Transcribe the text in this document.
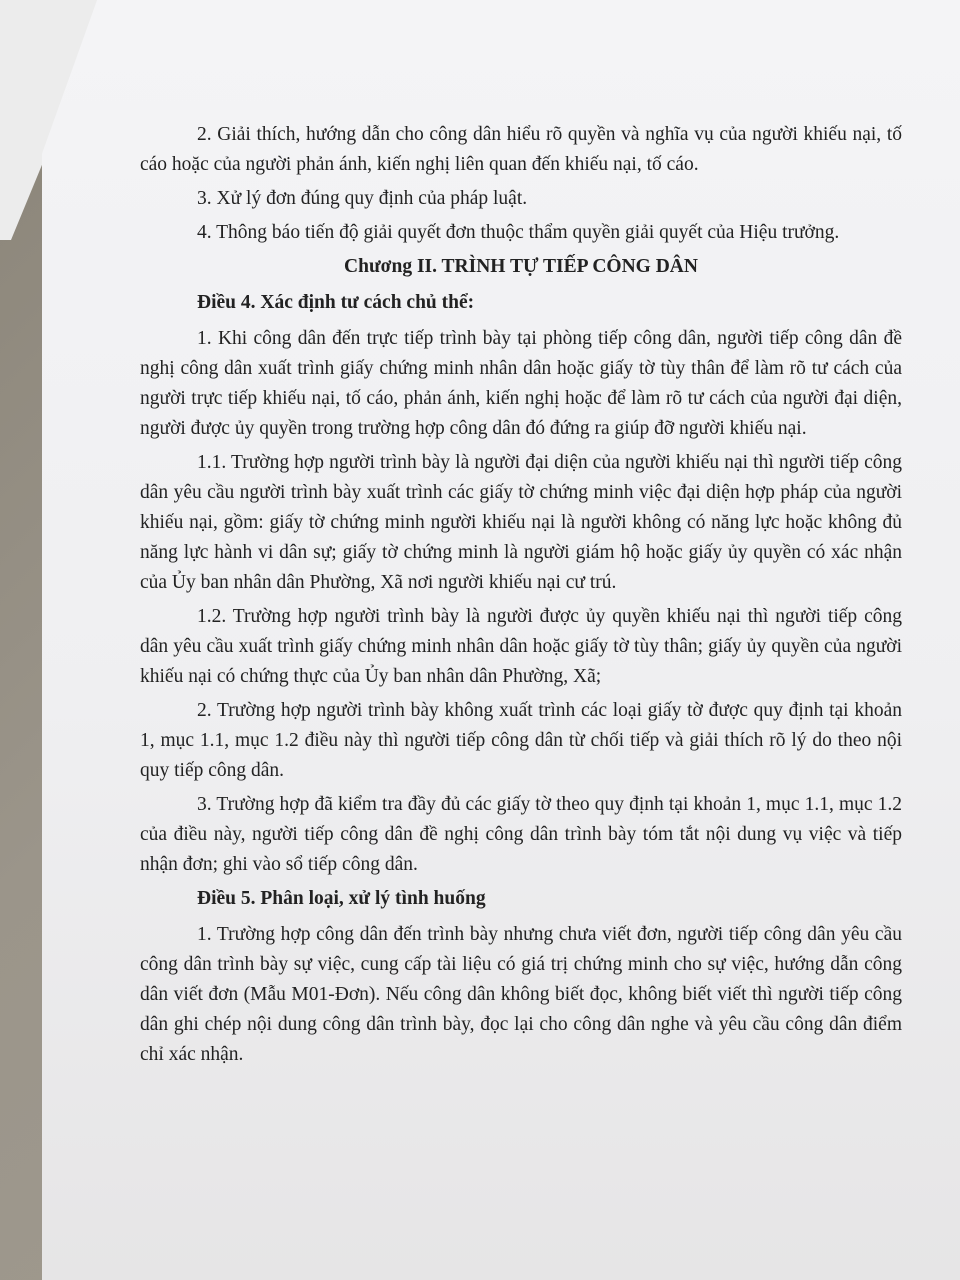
2. Giải thích, hướng dẫn cho công dân hiểu rõ quyền và nghĩa vụ của người khiếu nại, tố cáo hoặc của người phản ánh, kiến nghị liên quan đến khiếu nại, tố cáo.

3. Xử lý đơn đúng quy định của pháp luật.

4. Thông báo tiến độ giải quyết đơn thuộc thẩm quyền giải quyết của Hiệu trưởng.

Chương II. TRÌNH TỰ TIẾP CÔNG DÂN

Điều 4. Xác định tư cách chủ thể:

1. Khi công dân đến trực tiếp trình bày tại phòng tiếp công dân, người tiếp công dân đề nghị công dân xuất trình giấy chứng minh nhân dân hoặc giấy tờ tùy thân để làm rõ tư cách của người trực tiếp khiếu nại, tố cáo, phản ánh, kiến nghị hoặc để làm rõ tư cách của người đại diện, người được ủy quyền trong trường hợp công dân đó đứng ra giúp đỡ người khiếu nại.

1.1. Trường hợp người trình bày là người đại diện của người khiếu nại thì người tiếp công dân yêu cầu người trình bày xuất trình các giấy tờ chứng minh việc đại diện hợp pháp của người khiếu nại, gồm: giấy tờ chứng minh người khiếu nại là người không có năng lực hoặc không đủ năng lực hành vi dân sự; giấy tờ chứng minh là người giám hộ hoặc giấy ủy quyền có xác nhận của Ủy ban nhân dân Phường, Xã nơi người khiếu nại cư trú.

1.2. Trường hợp người trình bày là người được ủy quyền khiếu nại thì người tiếp công dân yêu cầu xuất trình giấy chứng minh nhân dân hoặc giấy tờ tùy thân; giấy ủy quyền của người khiếu nại có chứng thực của Ủy ban nhân dân Phường, Xã;

2. Trường hợp người trình bày không xuất trình các loại giấy tờ được quy định tại khoản 1, mục 1.1, mục 1.2 điều này thì người tiếp công dân từ chối tiếp và giải thích rõ lý do theo nội quy tiếp công dân.

3. Trường hợp đã kiểm tra đầy đủ các giấy tờ theo quy định tại khoản 1, mục 1.1, mục 1.2 của điều này, người tiếp công dân đề nghị công dân trình bày tóm tắt nội dung vụ việc và tiếp nhận đơn; ghi vào sổ tiếp công dân.

Điều 5. Phân loại, xử lý tình huống

1. Trường hợp công dân đến trình bày nhưng chưa viết đơn, người tiếp công dân yêu cầu công dân trình bày sự việc, cung cấp tài liệu có giá trị chứng minh cho sự việc, hướng dẫn công dân viết đơn (Mẫu M01-Đơn). Nếu công dân không biết đọc, không biết viết thì người tiếp công dân ghi chép nội dung công dân trình bày, đọc lại cho công dân nghe và yêu cầu công dân điểm chỉ xác nhận.
